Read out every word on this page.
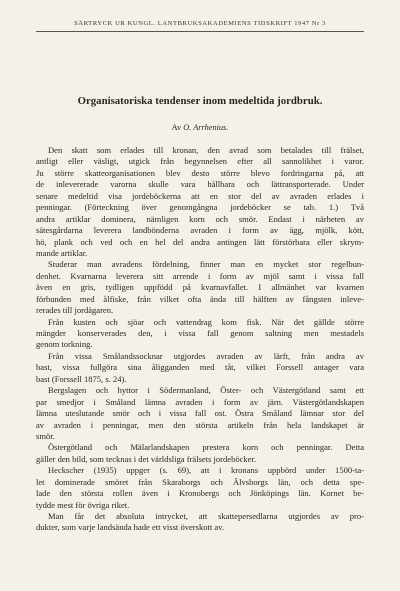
SÄRTRYCK UR KUNGL. LANTBRUKSAKADEMIENS TIDSKRIFT 1947 Nr 3
Organisatoriska tendenser inom medeltida jordbruk.
Av O. Arrhenius.
Den skatt som erlades till kronan, den avrad som betalades till frälset,
antligt eller väsligt, utgick från begynnelsen efter all sannolikhet i varor.
Ju större skatteorganisationen blev desto större blevo fordringarna på, att
de inlevererade varorna skulle vara hållbara och lättransporterade. Under
senare medeltid visa jordeböckerna att en stor del av avraden erlades i
penningar. (Förteckning över genomgångna jordeböcker se tab. 1.) Två
andra artiklar dominera, nämligen korn och smör. Endast i närheten av
sätesgårdarna leverera landbönderna avraden i form av ägg, mjölk, kött,
hö, plank och ved och en hel del andra antingen lätt förstörbara eller skrym-
mande artiklar.
Studerar man avradens fördelning, finner man en mycket stor regelbun-
denhet. Kvarnarna leverera sitt arrende i form av mjöl samt i vissa fall
även en gris, tydligen uppfödd på kvarnavfallet. I allmänhet var kvarnen
förbunden med ålfiske, från vilket ofta ända till hälften av fångsten inleve-
rerades till jordägaren.
Från kusten och sjöar och vattendrag kom fisk. När det gällde större
mängder konserverades den, i vissa fall genom saltning men mestadels
genom torkning.
Från vissa Smålandssocknar utgjordes avraden av lärft, från andra av
bast, vissa fullgöra sina åligganden med tåt, vilket Forssell antager vara
bast (Forssell 1875, s. 24).
Bergslagen och hyttor i Södermanland, Öster- och Västergötland samt ett
par smedjor i Småland lämna avraden i form av järn. Västergötlandskapen
lämna uteslutande smör och i vissa fall ost. Östra Småland lämnar stor del
av avraden i penningar, men den största artikeln från hela landskapet är
smör.
Östergötland och Mälarlandskapen prestera korn och penningar. Detta
gäller den bild, som tecknas i det världsliga frälsets jordeböcker.
Heckscher (1935) uppger (s. 69), att i kronans uppbörd under 1500-ta-
let dominerade smöret från Skaraborgs och Älvsborgs län, och detta spe-
lade den största rollen även i Kronobergs och Jönköpings län. Kornet be-
tydde mest för övriga riket.
Man får det absoluta intrycket, att skattepersedlarna utgjordes av pro-
dukter, som varje landsända hade ett visst överskott av.
